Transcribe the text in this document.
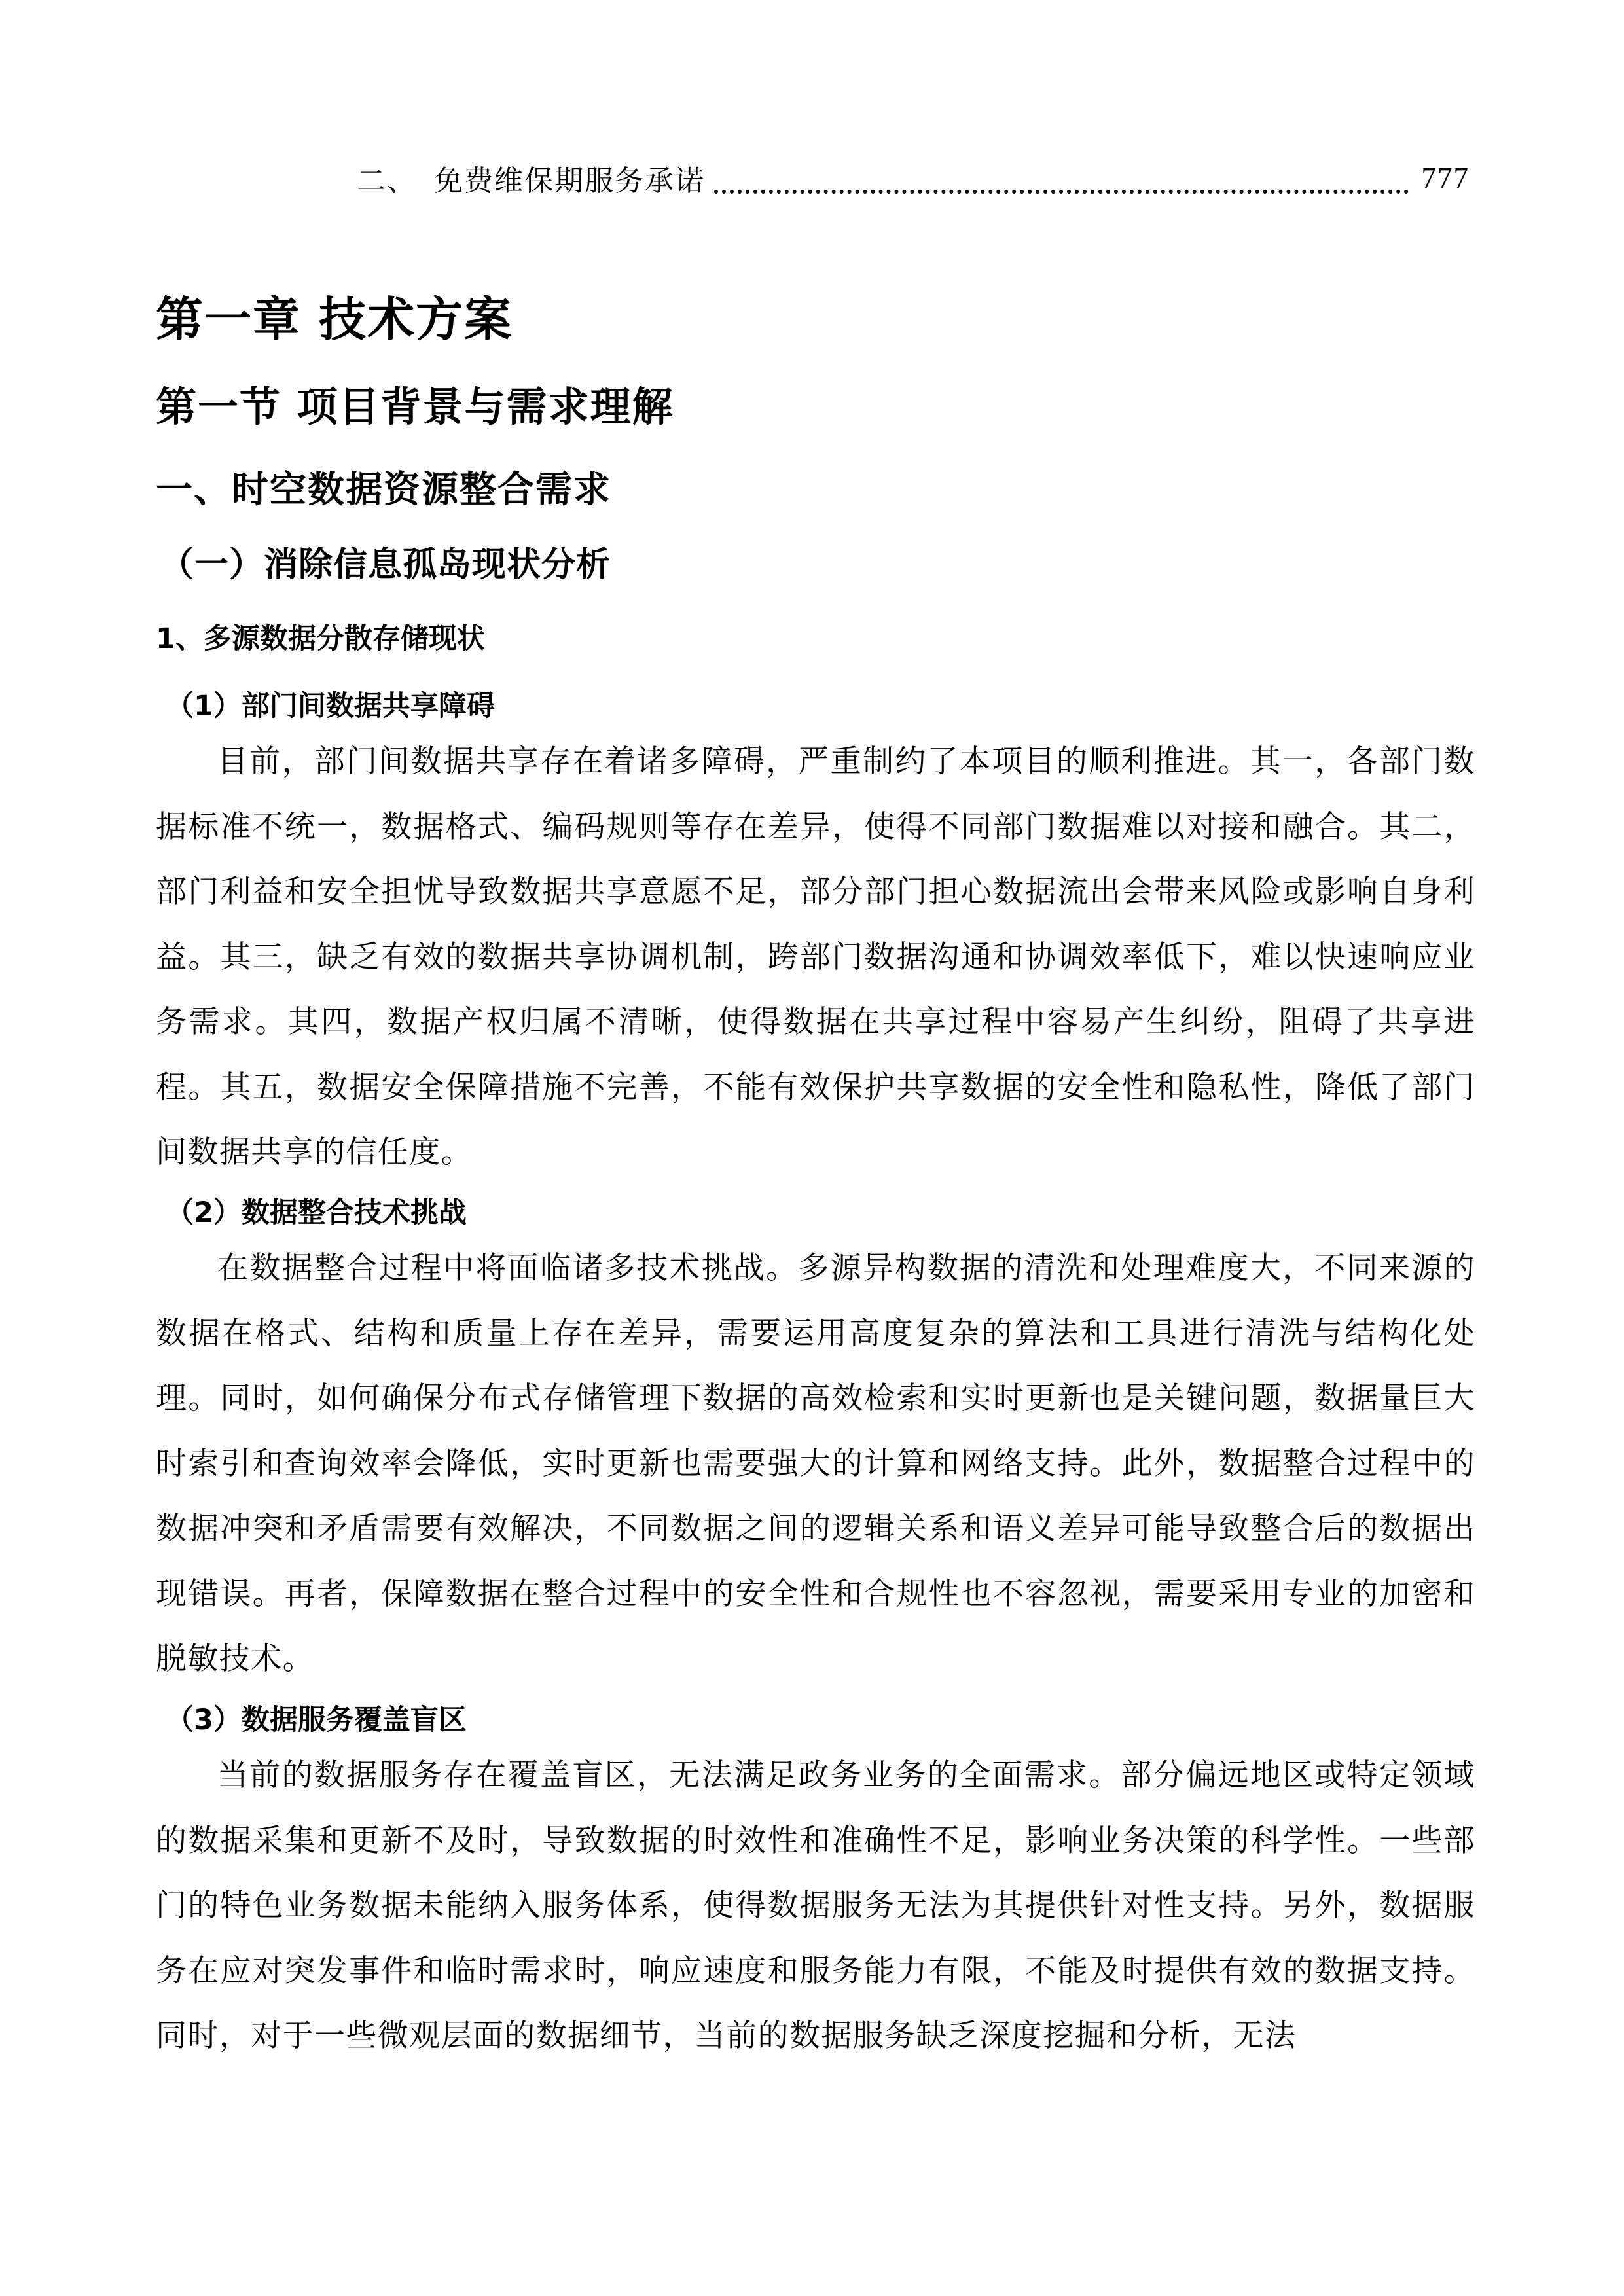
二、 免费维保期服务承诺	777
第一章 技术方案
第一节 项目背景与需求理解
一、时空数据资源整合需求
（一）消除信息孤岛现状分析
1、多源数据分散存储现状
（1）部门间数据共享障碍
目前，部门间数据共享存在着诸多障碍，严重制约了本项目的顺利推进。其一，各部门数据标准不统一，数据格式、编码规则等存在差异，使得不同部门数据难以对接和融合。其二，部门利益和安全担忧导致数据共享意愿不足，部分部门担心数据流出会带来风险或影响自身利益。其三，缺乏有效的数据共享协调机制，跨部门数据沟通和协调效率低下，难以快速响应业务需求。其四，数据产权归属不清晰，使得数据在共享过程中容易产生纠纷，阻碍了共享进程。其五，数据安全保障措施不完善，不能有效保护共享数据的安全性和隐私性，降低了部门间数据共享的信任度。
（2）数据整合技术挑战
在数据整合过程中将面临诸多技术挑战。多源异构数据的清洗和处理难度大，不同来源的数据在格式、结构和质量上存在差异，需要运用高度复杂的算法和工具进行清洗与结构化处理。同时，如何确保分布式存储管理下数据的高效检索和实时更新也是关键问题，数据量巨大时索引和查询效率会降低，实时更新也需要强大的计算和网络支持。此外，数据整合过程中的数据冲突和矛盾需要有效解决，不同数据之间的逻辑关系和语义差异可能导致整合后的数据出现错误。再者，保障数据在整合过程中的安全性和合规性也不容忽视，需要采用专业的加密和脱敏技术。
（3）数据服务覆盖盲区
当前的数据服务存在覆盖盲区，无法满足政务业务的全面需求。部分偏远地区或特定领域的数据采集和更新不及时，导致数据的时效性和准确性不足，影响业务决策的科学性。一些部门的特色业务数据未能纳入服务体系，使得数据服务无法为其提供针对性支持。另外，数据服务在应对突发事件和临时需求时，响应速度和服务能力有限，不能及时提供有效的数据支持。同时，对于一些微观层面的数据细节，当前的数据服务缺乏深度挖掘和分析，无法
